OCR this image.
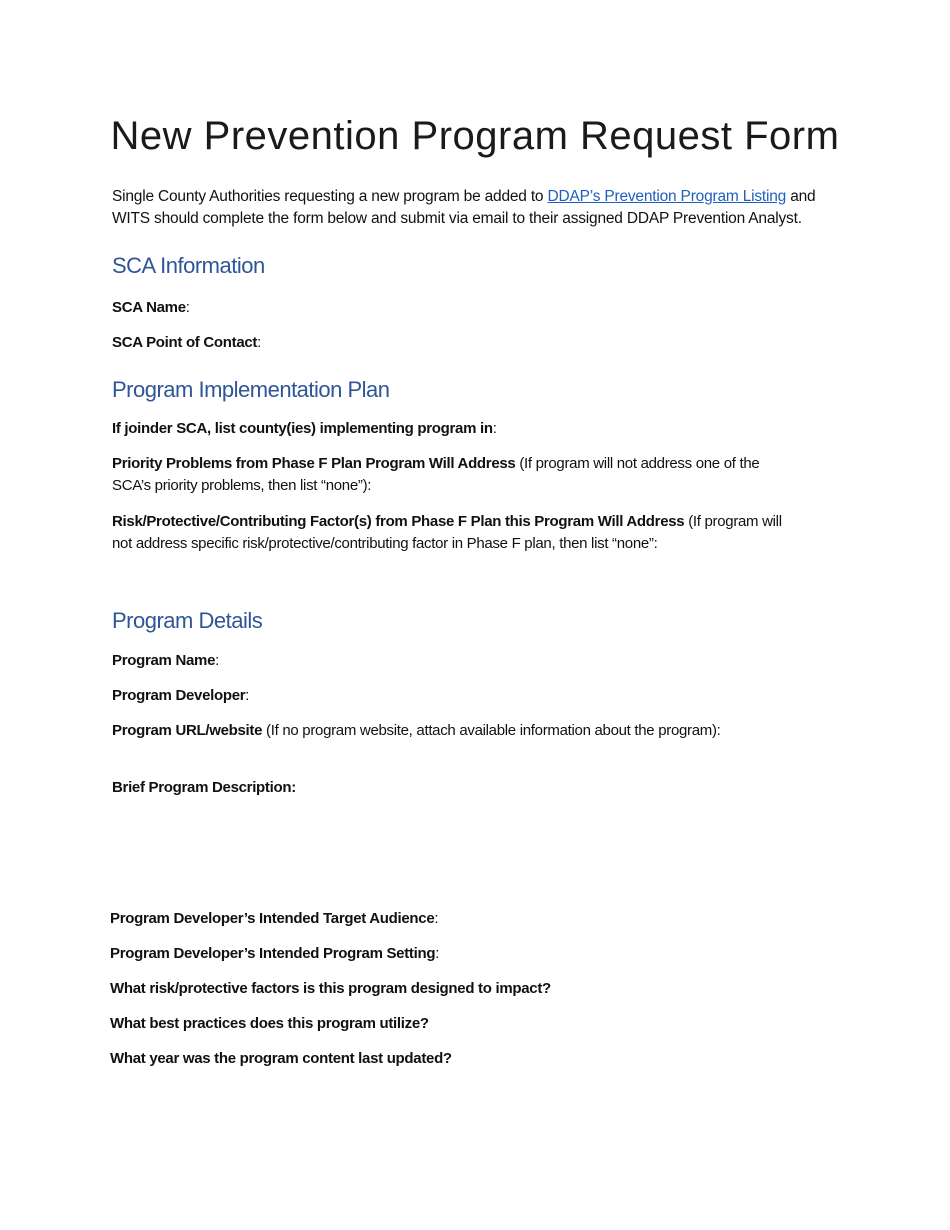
New Prevention Program Request Form

Single County Authorities requesting a new program be added to DDAP’s Prevention Program Listing and WITS should complete the form below and submit via email to their assigned DDAP Prevention Analyst.

SCA Information

SCA Name:

SCA Point of Contact:

Program Implementation Plan

If joinder SCA, list county(ies) implementing program in:

Priority Problems from Phase F Plan Program Will Address (If program will not address one of the SCA’s priority problems, then list “none”):

Risk/Protective/Contributing Factor(s) from Phase F Plan this Program Will Address (If program will not address specific risk/protective/contributing factor in Phase F plan, then list “none”:

Program Details

Program Name:

Program Developer:

Program URL/website (If no program website, attach available information about the program):

Brief Program Description:

Program Developer’s Intended Target Audience:

Program Developer’s Intended Program Setting:

What risk/protective factors is this program designed to impact?

What best practices does this program utilize?

What year was the program content last updated?
